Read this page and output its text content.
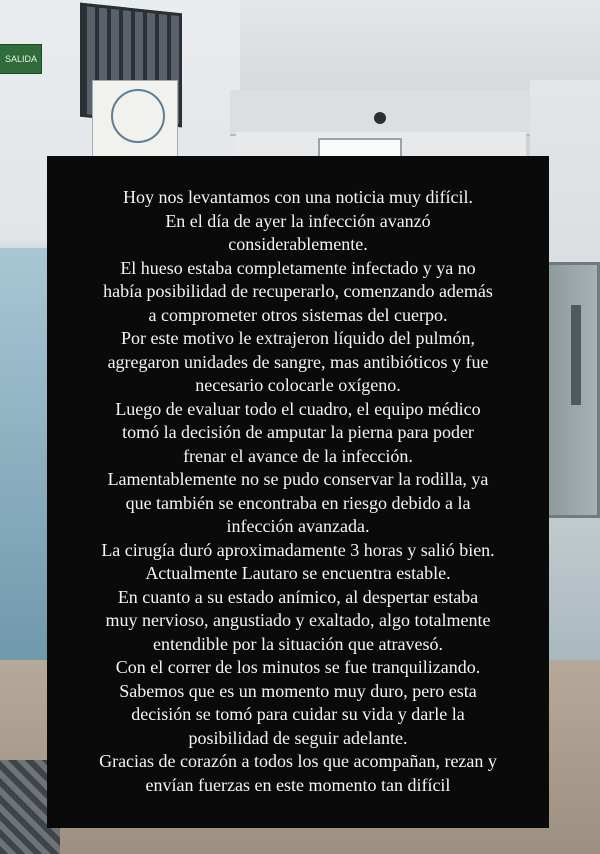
SALIDA
Hoy nos levantamos con una noticia muy difícil.
En el día de ayer la infección avanzó
considerablemente.
El hueso estaba completamente infectado y ya no
había posibilidad de recuperarlo, comenzando además
a comprometer otros sistemas del cuerpo.
Por este motivo le extrajeron líquido del pulmón,
agregaron unidades de sangre, mas antibióticos y fue
necesario colocarle oxígeno.
Luego de evaluar todo el cuadro, el equipo médico
tomó la decisión de amputar la pierna para poder
frenar el avance de la infección.
Lamentablemente no se pudo conservar la rodilla, ya
que también se encontraba en riesgo debido a la
infección avanzada.
La cirugía duró aproximadamente 3 horas y salió bien.
Actualmente Lautaro se encuentra estable.
En cuanto a su estado anímico, al despertar estaba
muy nervioso, angustiado y exaltado, algo totalmente
entendible por la situación que atravesó.
Con el correr de los minutos se fue tranquilizando.
Sabemos que es un momento muy duro, pero esta
decisión se tomó para cuidar su vida y darle la
posibilidad de seguir adelante.
Gracias de corazón a todos los que acompañan, rezan y
envían fuerzas en este momento tan difícil
